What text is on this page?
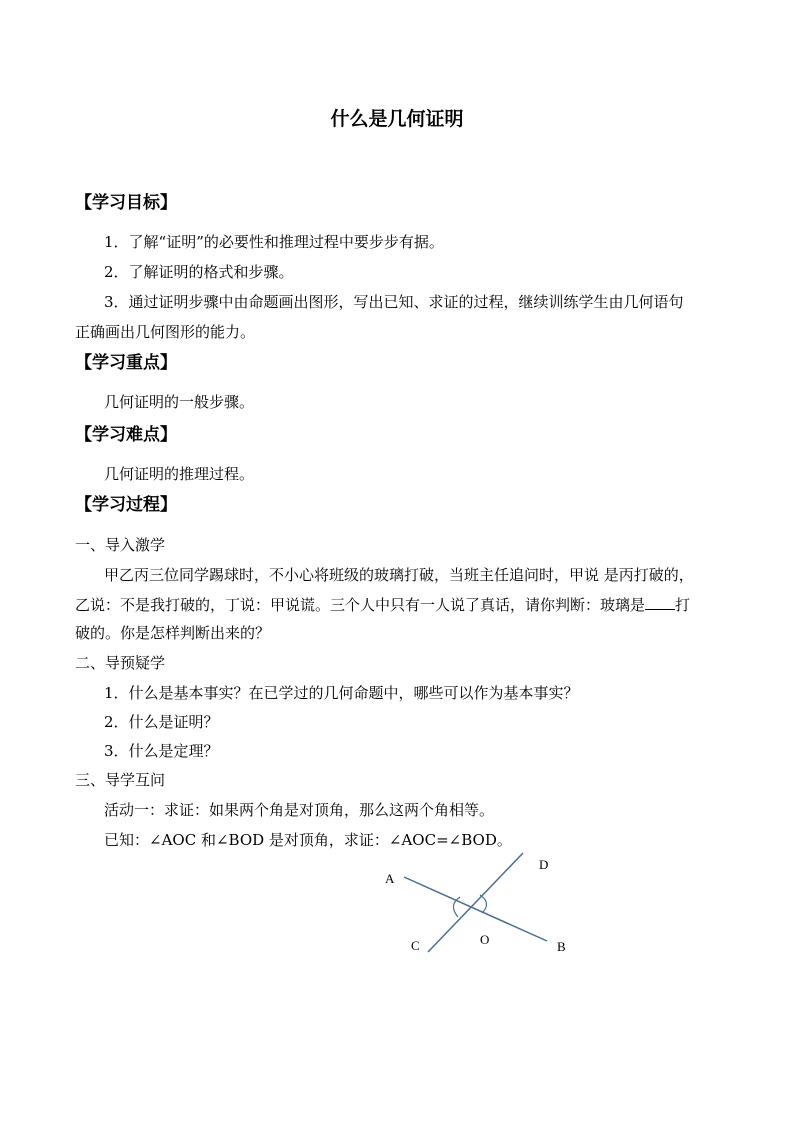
什么是几何证明
【学习目标】
1．了解“证明”的必要性和推理过程中要步步有据。
2．了解证明的格式和步骤。
3．通过证明步骤中由命题画出图形，写出已知、求证的过程，继续训练学生由几何语句
正确画出几何图形的能力。
【学习重点】
几何证明的一般步骤。
【学习难点】
几何证明的推理过程。
【学习过程】
一、导入激学
甲乙丙三位同学踢球时，不小心将班级的玻璃打破，当班主任追问时，甲说 是丙打破的，
乙说：不是我打破的，丁说：甲说谎。三个人中只有一人说了真话，请你判断：玻璃是 打
破的。你是怎样判断出来的？
二、导预疑学
1．什么是基本事实？在已学过的几何命题中，哪些可以作为基本事实？
2．什么是证明？
3．什么是定理？
三、导学互问
活动一：求证：如果两个角是对顶角，那么这两个角相等。
已知：∠AOC 和∠BOD 是对顶角，求证：∠AOC=∠BOD。
A
B
C
D
O
